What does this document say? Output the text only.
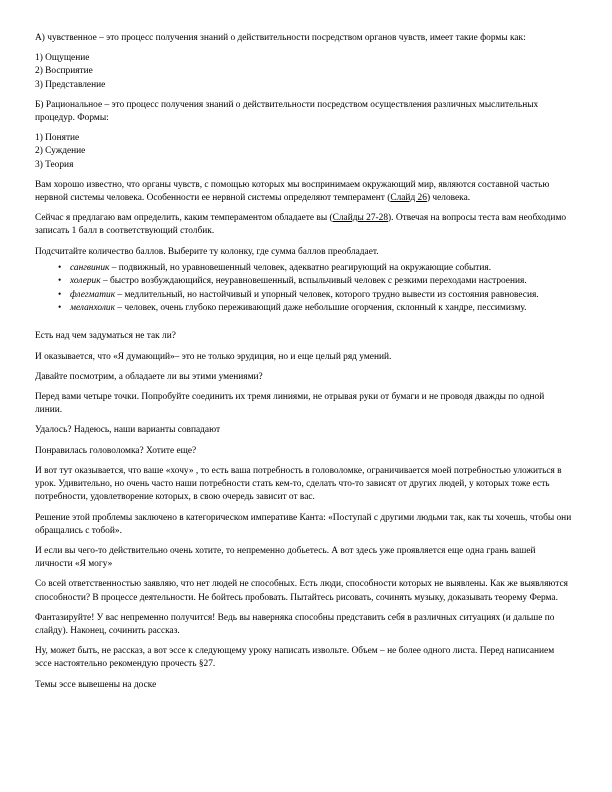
А) чувственное – это процесс получения знаний о действительности посредством органов чувств, имеет такие формы как:

1) Ощущение

2) Восприятие

3) Представление

Б) Рациональное – это процесс получения знаний о действительности посредством осуществления различных мыслительных процедур. Формы:

1) Понятие

2) Суждение

3) Теория

Вам хорошо известно, что органы чувств, с помощью которых мы воспринимаем окружающий мир, являются составной частью нервной системы человека. Особенности ее нервной системы определяют темперамент (Слайд 26) человека.

Сейчас я предлагаю вам определить, каким темпераментом обладаете вы (Слайды 27-28). Отвечая на вопросы теста вам необходимо записать 1 балл в соответствующий столбик.

Подсчитайте количество баллов. Выберите ту колонку, где сумма баллов преобладает.

• сангвиник – подвижный, но уравновешенный человек, адекватно реагирующий на окружающие события.
• холерик – быстро возбуждающийся, неуравновешенный, вспыльчивый человек с резкими переходами настроения.
• флегматик – медлительный, но настойчивый и упорный человек, которого трудно вывести из состояния равновесия.
• меланхолик – человек, очень глубоко переживающий даже небольшие огорчения, склонный к хандре, пессимизму.

Есть над чем задуматься не так ли?

И оказывается, что «Я думающий»– это не только эрудиция, но и еще целый ряд умений.

Давайте посмотрим, а обладаете ли вы этими умениями?

Перед вами четыре точки. Попробуйте соединить их тремя линиями, не отрывая руки от бумаги и не проводя дважды по одной линии.

Удалось? Надеюсь, наши варианты совпадают

Понравилась головоломка? Хотите еще?

И вот тут оказывается, что ваше «хочу» , то есть ваша потребность в головоломке, ограничивается моей потребностью уложиться в урок. Удивительно, но очень часто наши потребности стать кем-то, сделать что-то зависят от других людей, у которых тоже есть потребности, удовлетворение которых, в свою очередь зависит от вас.

Решение этой проблемы заключено в категорическом императиве Канта: «Поступай с другими людьми так, как ты хочешь, чтобы они обращались с тобой».

И если вы чего-то действительно очень хотите, то непременно добьетесь. А вот здесь уже проявляется еще одна грань вашей личности «Я могу»

Со всей ответственностью заявляю, что нет людей не способных. Есть люди, способности которых не выявлены. Как же выявляются способности? В процессе деятельности. Не бойтесь пробовать. Пытайтесь рисовать, сочинять музыку, доказывать теорему Ферма.

Фантазируйте! У вас непременно получится! Ведь вы наверняка способны представить себя в различных ситуациях (и дальше по слайду). Наконец, сочинить рассказ.

Ну, может быть, не рассказ, а вот эссе к следующему уроку написать извольте. Объем – не более одного листа. Перед написанием эссе настоятельно рекомендую прочесть §27.

Темы эссе вывешены на доске
